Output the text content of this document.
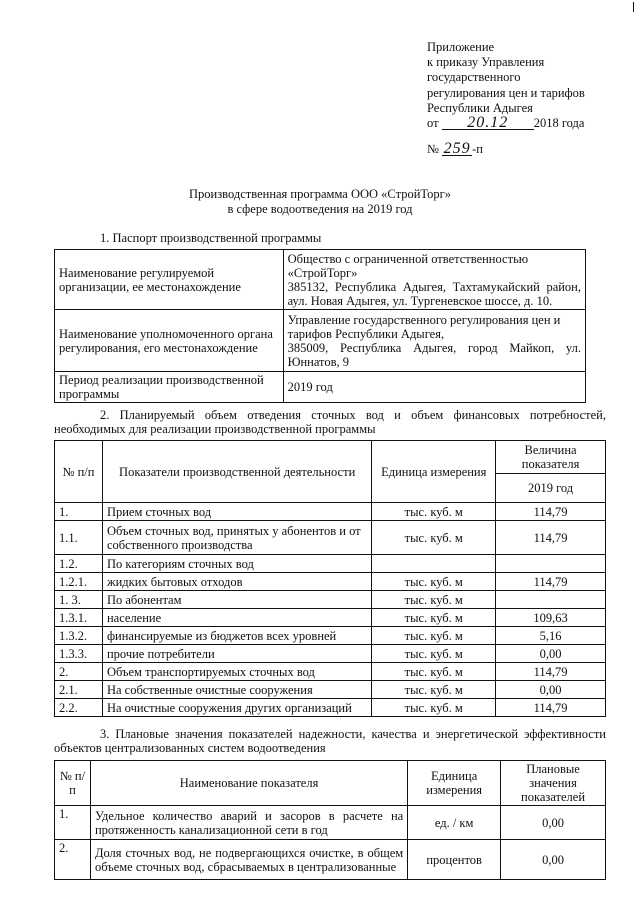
Приложение
к приказу Управления
государственного
регулирования цен и тарифов
Республики Адыгея
от 20.12 2018 года
№ 259 -п
Производственная программа ООО «СтройТорг»
в сфере водоотведения на 2019 год
1. Паспорт производственной программы
Наименование регулируемой организации, ее местонахождение	Общество с ограниченной ответственностью «СтройТорг»
385132, Республика Адыгея, Тахтамукайский район, аул. Новая Адыгея, ул. Тургеневское шоссе, д. 10.

Наименование уполномоченного органа регулирования, его местонахождение	Управление государственного регулирования цен и тарифов Республики Адыгея,
385009, Республика Адыгея, город Майкоп, ул. Юннатов, 9

Период реализации производственной программы	2019 год
2. Планируемый объем отведения сточных вод и объем финансовых потребностей, необходимых для реализации производственной программы
№ п/п	Показатели производственной деятельности	Единица измерения	Величина показателя
			2019 год
1.	Прием сточных вод	тыс. куб. м	114,79
1.1.	Объем сточных вод, принятых у абонентов и от собственного производства	тыс. куб. м	114,79
1.2.	По категориям сточных вод		
1.2.1.	жидких бытовых отходов	тыс. куб. м	114,79
1. 3.	По абонентам	тыс. куб. м	
1.3.1.	население	тыс. куб. м	109,63
1.3.2.	финансируемые из бюджетов всех уровней	тыс. куб. м	5,16
1.3.3.	прочие потребители	тыс. куб. м	0,00
2.	Объем транспортируемых сточных вод	тыс. куб. м	114,79
2.1.	На собственные очистные сооружения	тыс. куб. м	0,00
2.2.	На очистные сооружения других организаций	тыс. куб. м	114,79
3. Плановые значения показателей надежности, качества и энергетической эффективности объектов централизованных систем водоотведения
№ п/п	Наименование показателя	Единица измерения	Плановые значения показателей
1.	Удельное количество аварий и засоров в расчете на протяженность канализационной сети в год	ед. / км	0,00
2.	Доля сточных вод, не подвергающихся очистке, в общем объеме сточных вод, сбрасываемых в централизованные	процентов	0,00
